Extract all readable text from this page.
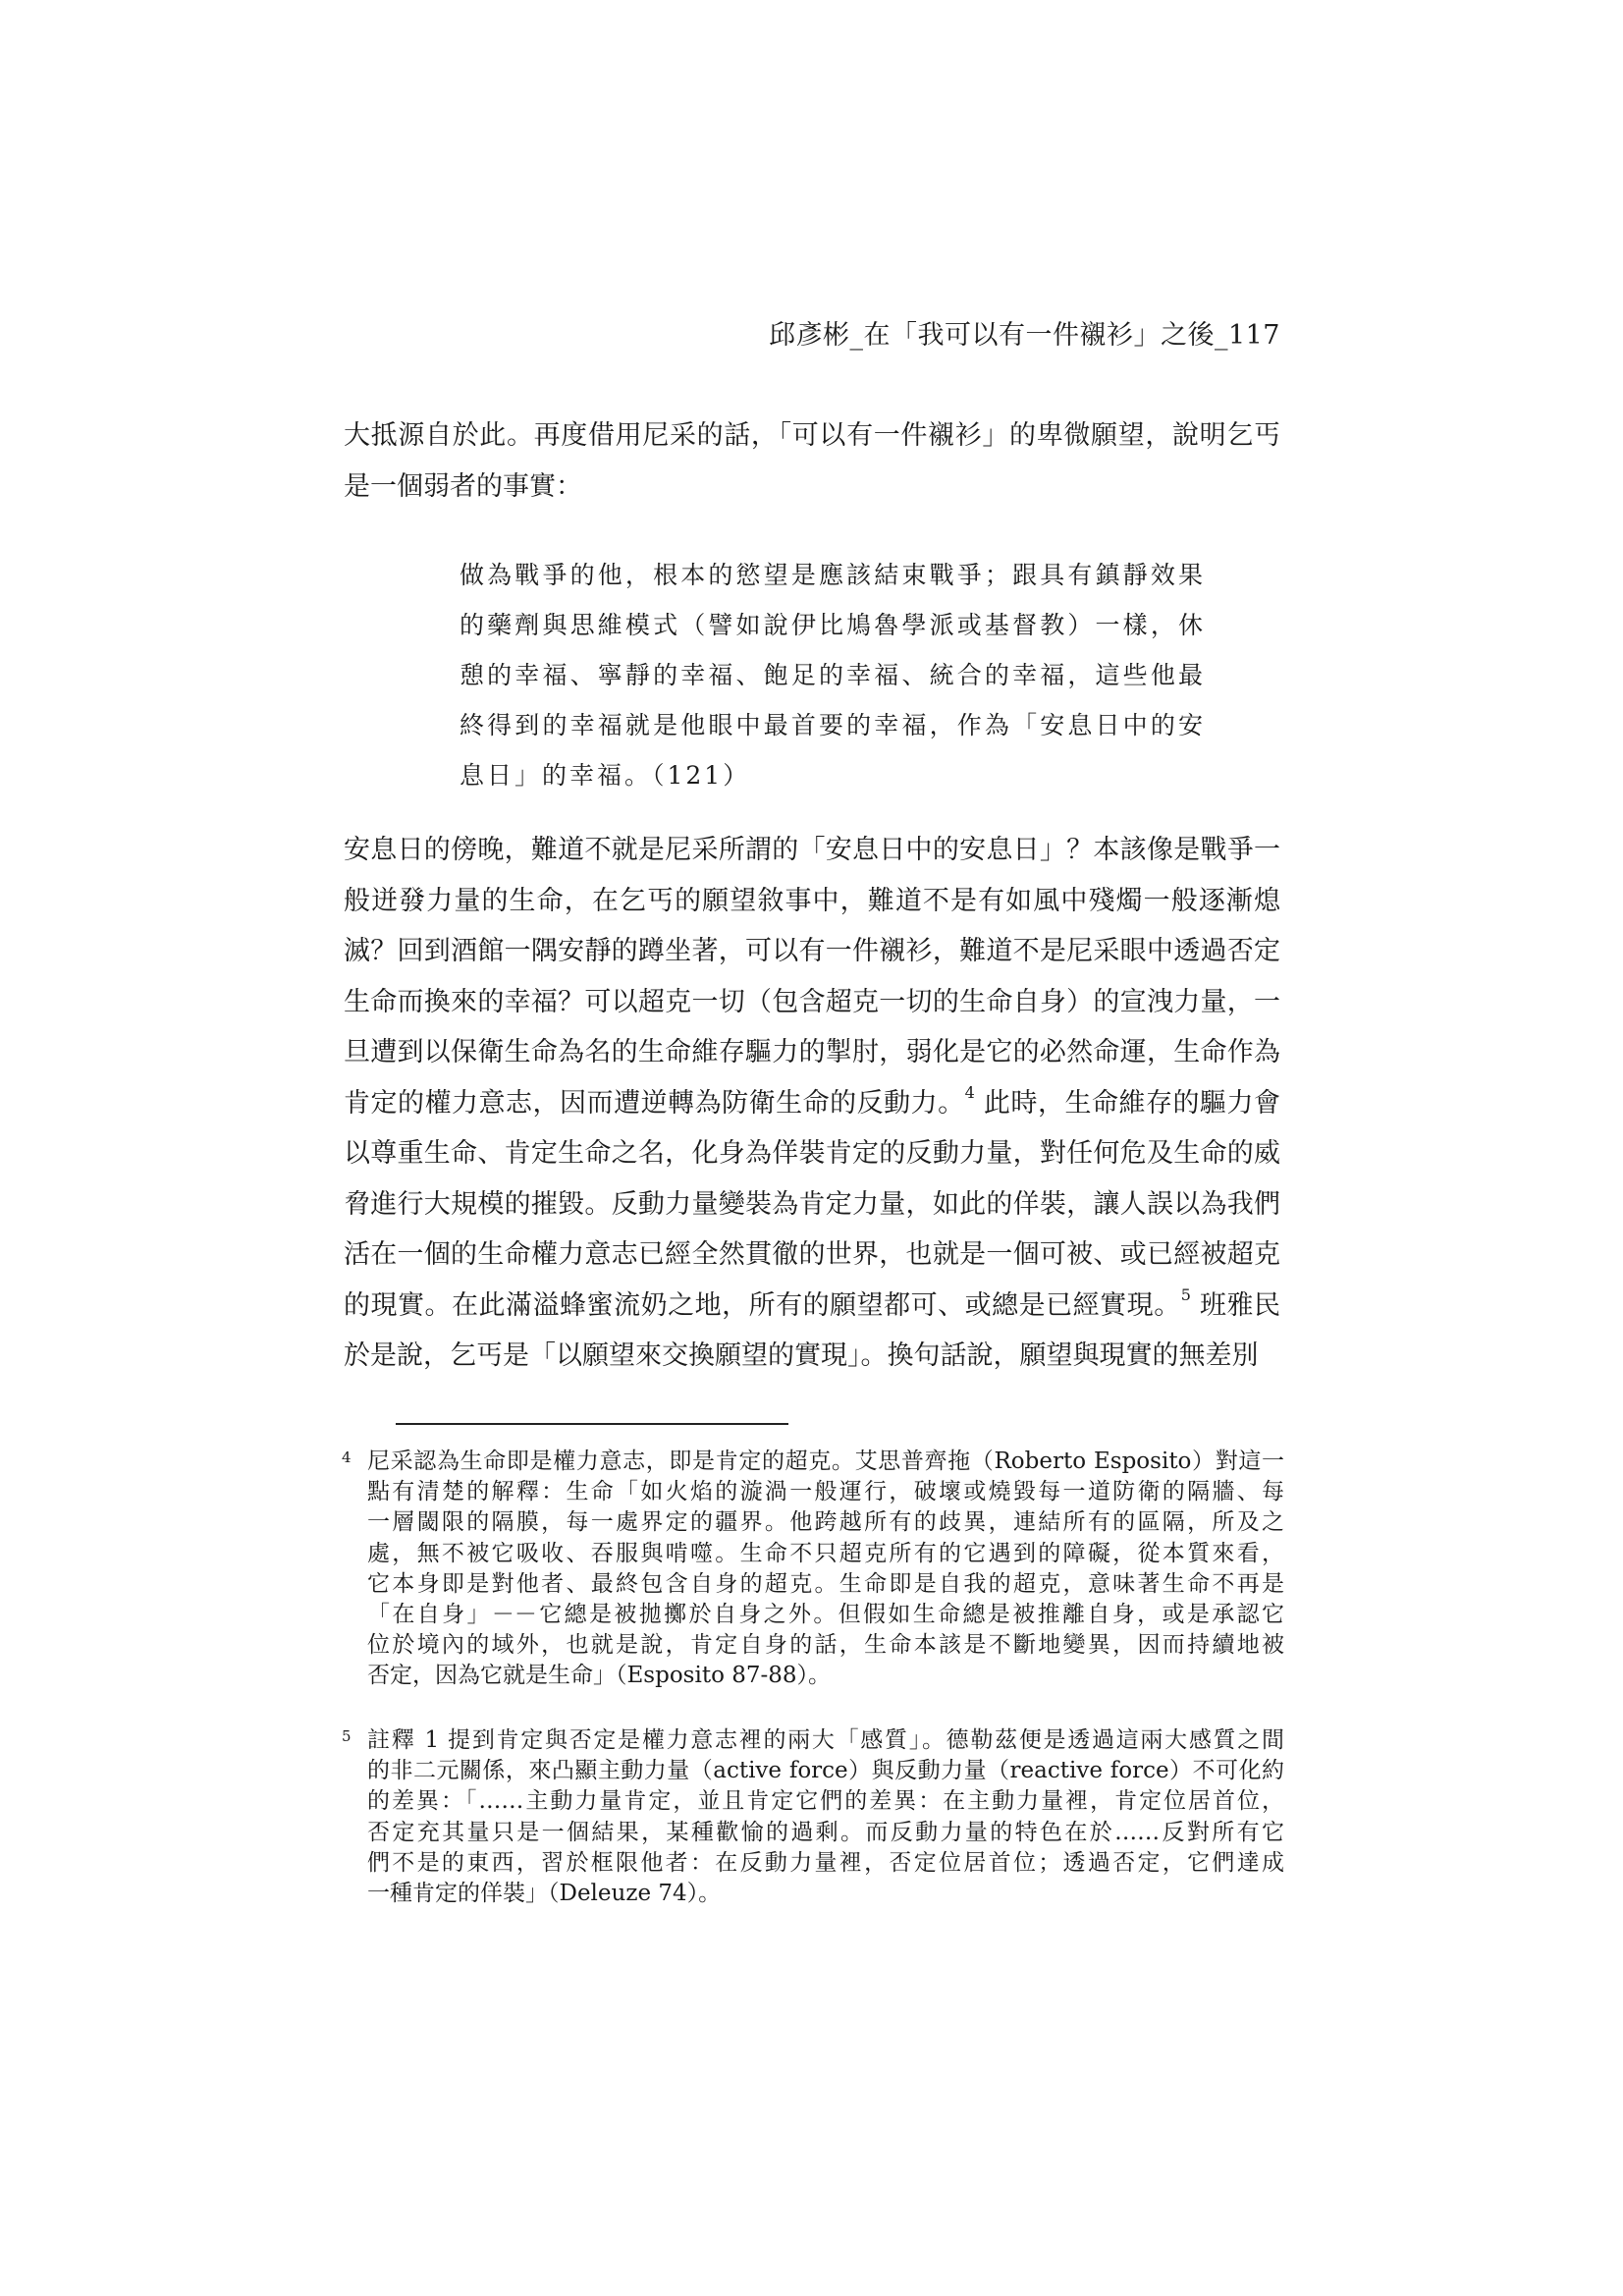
邱彥彬_在「我可以有一件襯衫」之後_117

大抵源自於此。再度借用尼采的話，「可以有一件襯衫」的卑微願望，說明乞丐
是一個弱者的事實：

做為戰爭的他，根本的慾望是應該結束戰爭；跟具有鎮靜效果
的藥劑與思維模式（譬如說伊比鳩魯學派或基督教）一樣，休
憩的幸福、寧靜的幸福、飽足的幸福、統合的幸福，這些他最
終得到的幸福就是他眼中最首要的幸福，作為「安息日中的安
息日」的幸福。（121）

安息日的傍晚，難道不就是尼采所謂的「安息日中的安息日」？本該像是戰爭一
般迸發力量的生命，在乞丐的願望敘事中，難道不是有如風中殘燭一般逐漸熄
滅？回到酒館一隅安靜的蹲坐著，可以有一件襯衫，難道不是尼采眼中透過否定
生命而換來的幸福？可以超克一切（包含超克一切的生命自身）的宣洩力量，一
旦遭到以保衛生命為名的生命維存驅力的掣肘，弱化是它的必然命運，生命作為
肯定的權力意志，因而遭逆轉為防衛生命的反動力。$^4$ 此時，生命維存的驅力會
以尊重生命、肯定生命之名，化身為佯裝肯定的反動力量，對任何危及生命的威
脅進行大規模的摧毀。反動力量變裝為肯定力量，如此的佯裝，讓人誤以為我們
活在一個的生命權力意志已經全然貫徹的世界，也就是一個可被、或已經被超克
的現實。在此滿溢蜂蜜流奶之地，所有的願望都可、或總是已經實現。$^5$ 班雅民
於是說，乞丐是「以願望來交換願望的實現」。換句話說，願望與現實的無差別

4 尼采認為生命即是權力意志，即是肯定的超克。艾思普齊拖（Roberto Esposito）對這一
點有清楚的解釋：生命「如火焰的漩渦一般運行，破壞或燒毀每一道防衛的隔牆、每
一層閾限的隔膜，每一處界定的疆界。他跨越所有的歧異，連結所有的區隔，所及之
處，無不被它吸收、吞服與啃噬。生命不只超克所有的它遇到的障礙，從本質來看，
它本身即是對他者、最終包含自身的超克。生命即是自我的超克，意味著生命不再是
「在自身」－－它總是被拋擲於自身之外。但假如生命總是被推離自身，或是承認它
位於境內的域外，也就是說，肯定自身的話，生命本該是不斷地變異，因而持續地被
否定，因為它就是生命」（Esposito 87-88）。
5 註釋 1 提到肯定與否定是權力意志裡的兩大「感質」。德勒茲便是透過這兩大感質之間
的非二元關係，來凸顯主動力量（active force）與反動力量（reactive force）不可化約
的差異：「……主動力量肯定，並且肯定它們的差異：在主動力量裡，肯定位居首位，
否定充其量只是一個結果，某種歡愉的過剩。而反動力量的特色在於……反對所有它
們不是的東西，習於框限他者：在反動力量裡，否定位居首位；透過否定，它們達成
一種肯定的佯裝」（Deleuze 74）。
